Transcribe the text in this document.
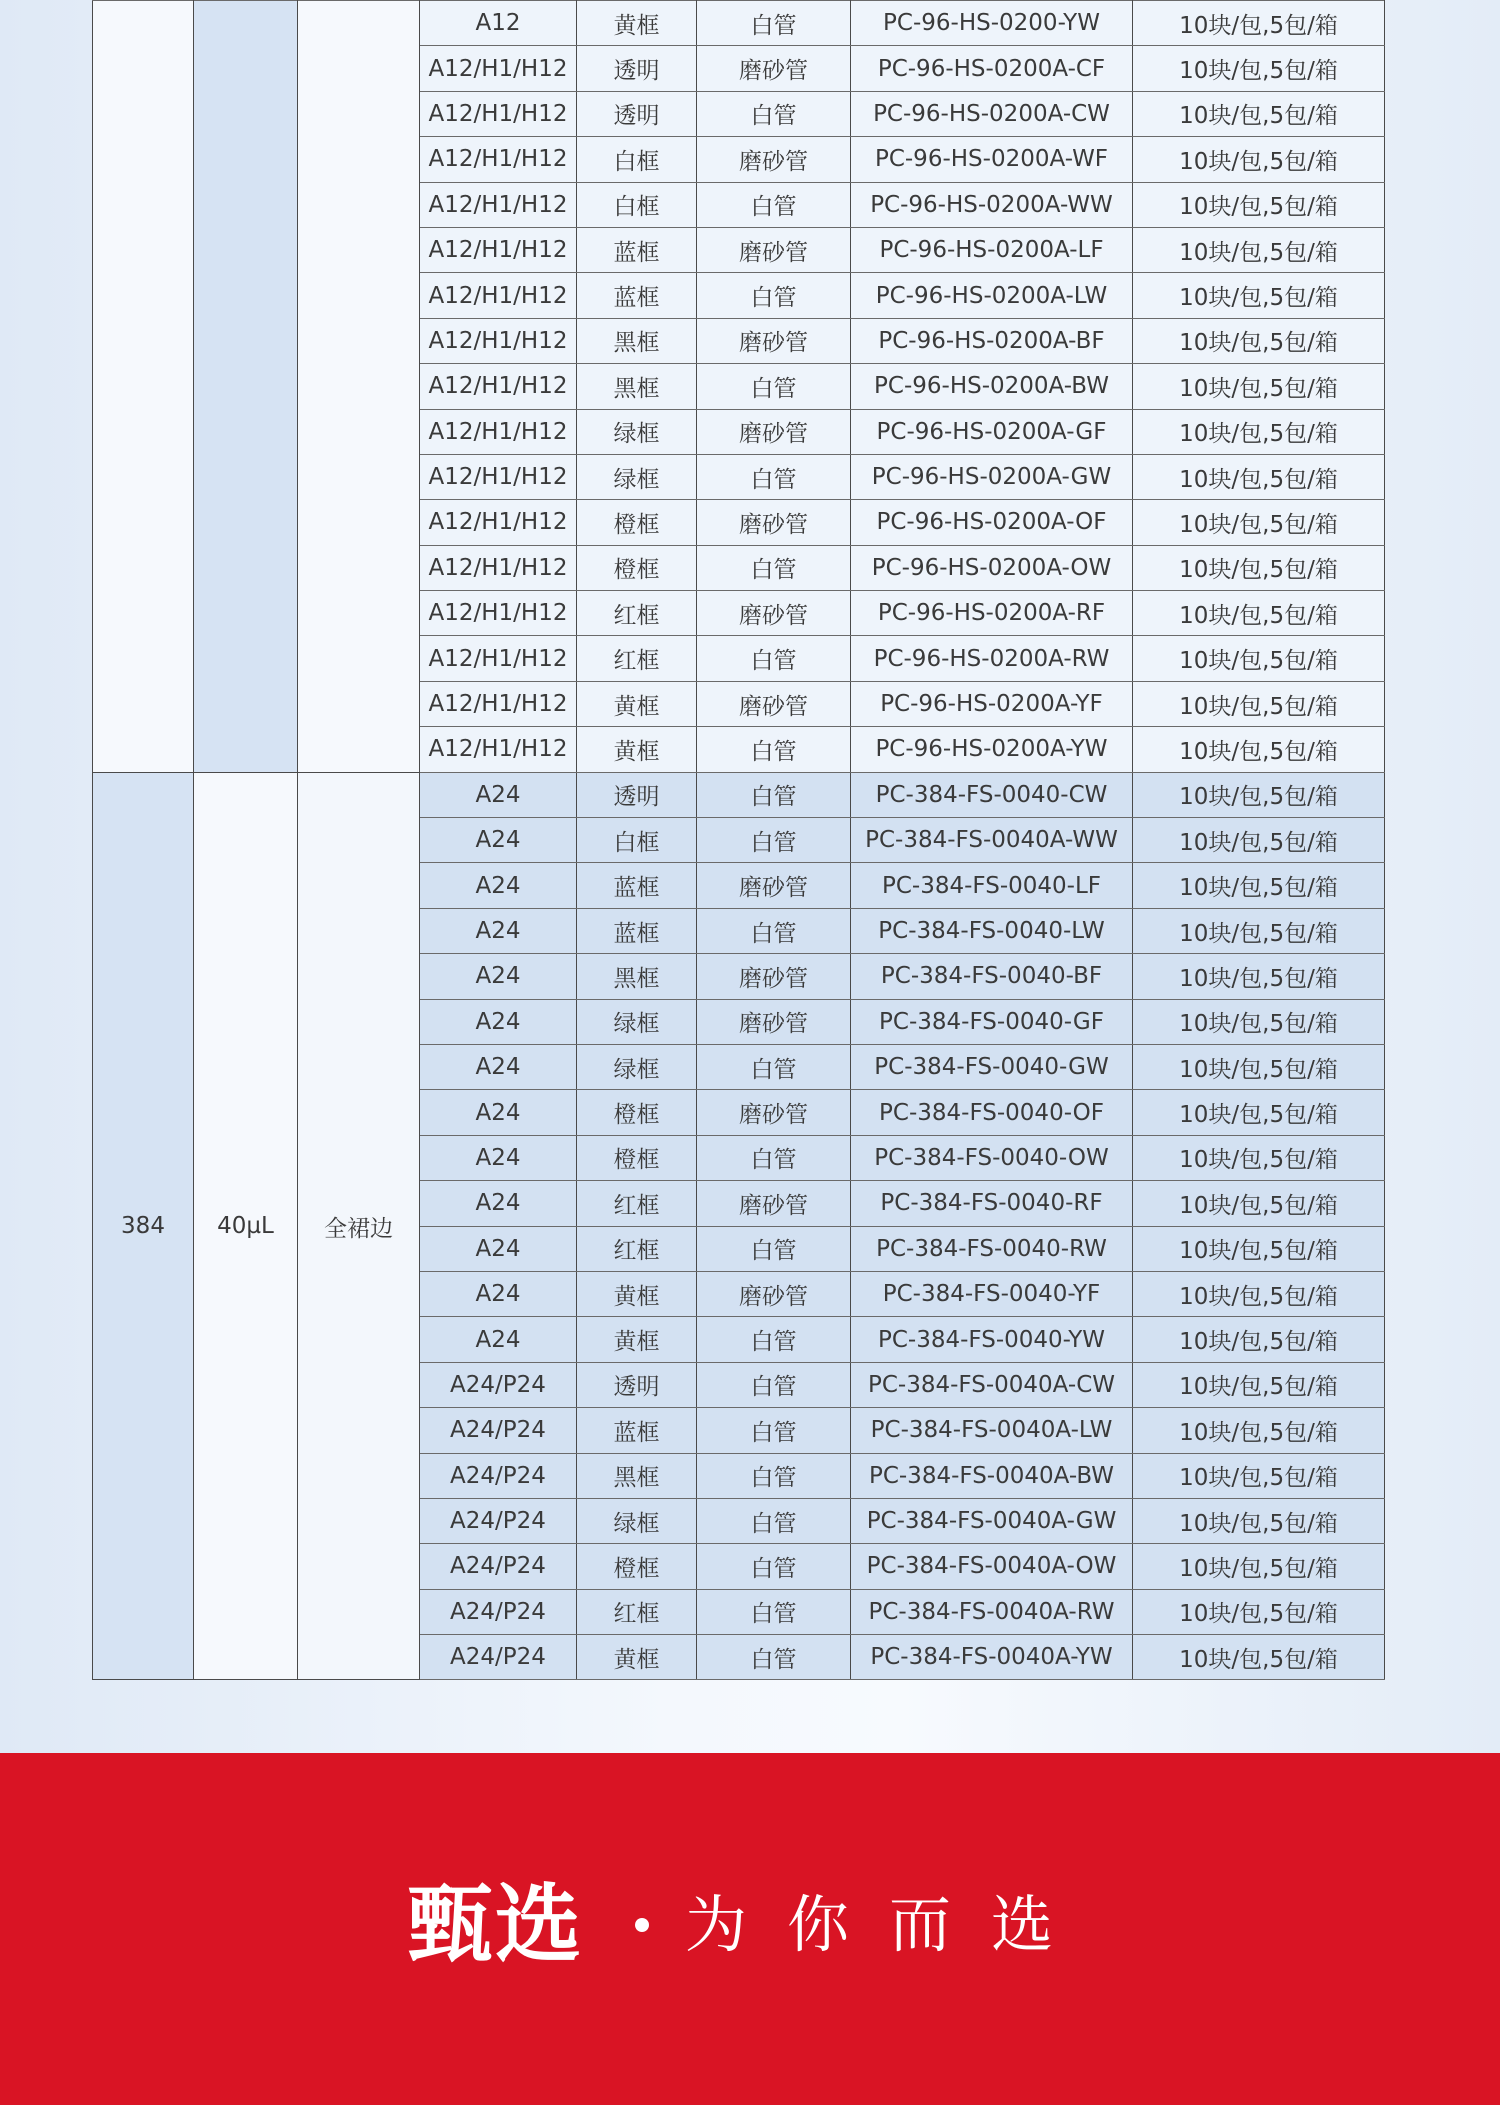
			A12	黄框	白管	PC-96-HS-0200-YW	10块/包,5包/箱
			A12/H1/H12	透明	磨砂管	PC-96-HS-0200A-CF	10块/包,5包/箱
			A12/H1/H12	透明	白管	PC-96-HS-0200A-CW	10块/包,5包/箱
			A12/H1/H12	白框	磨砂管	PC-96-HS-0200A-WF	10块/包,5包/箱
			A12/H1/H12	白框	白管	PC-96-HS-0200A-WW	10块/包,5包/箱
			A12/H1/H12	蓝框	磨砂管	PC-96-HS-0200A-LF	10块/包,5包/箱
			A12/H1/H12	蓝框	白管	PC-96-HS-0200A-LW	10块/包,5包/箱
			A12/H1/H12	黑框	磨砂管	PC-96-HS-0200A-BF	10块/包,5包/箱
			A12/H1/H12	黑框	白管	PC-96-HS-0200A-BW	10块/包,5包/箱
			A12/H1/H12	绿框	磨砂管	PC-96-HS-0200A-GF	10块/包,5包/箱
			A12/H1/H12	绿框	白管	PC-96-HS-0200A-GW	10块/包,5包/箱
			A12/H1/H12	橙框	磨砂管	PC-96-HS-0200A-OF	10块/包,5包/箱
			A12/H1/H12	橙框	白管	PC-96-HS-0200A-OW	10块/包,5包/箱
			A12/H1/H12	红框	磨砂管	PC-96-HS-0200A-RF	10块/包,5包/箱
			A12/H1/H12	红框	白管	PC-96-HS-0200A-RW	10块/包,5包/箱
			A12/H1/H12	黄框	磨砂管	PC-96-HS-0200A-YF	10块/包,5包/箱
			A12/H1/H12	黄框	白管	PC-96-HS-0200A-YW	10块/包,5包/箱
384	40µL	全裙边	A24	透明	白管	PC-384-FS-0040-CW	10块/包,5包/箱
			A24	白框	白管	PC-384-FS-0040A-WW	10块/包,5包/箱
			A24	蓝框	磨砂管	PC-384-FS-0040-LF	10块/包,5包/箱
			A24	蓝框	白管	PC-384-FS-0040-LW	10块/包,5包/箱
			A24	黑框	磨砂管	PC-384-FS-0040-BF	10块/包,5包/箱
			A24	绿框	磨砂管	PC-384-FS-0040-GF	10块/包,5包/箱
			A24	绿框	白管	PC-384-FS-0040-GW	10块/包,5包/箱
			A24	橙框	磨砂管	PC-384-FS-0040-OF	10块/包,5包/箱
			A24	橙框	白管	PC-384-FS-0040-OW	10块/包,5包/箱
			A24	红框	磨砂管	PC-384-FS-0040-RF	10块/包,5包/箱
			A24	红框	白管	PC-384-FS-0040-RW	10块/包,5包/箱
			A24	黄框	磨砂管	PC-384-FS-0040-YF	10块/包,5包/箱
			A24	黄框	白管	PC-384-FS-0040-YW	10块/包,5包/箱
			A24/P24	透明	白管	PC-384-FS-0040A-CW	10块/包,5包/箱
			A24/P24	蓝框	白管	PC-384-FS-0040A-LW	10块/包,5包/箱
			A24/P24	黑框	白管	PC-384-FS-0040A-BW	10块/包,5包/箱
			A24/P24	绿框	白管	PC-384-FS-0040A-GW	10块/包,5包/箱
			A24/P24	橙框	白管	PC-384-FS-0040A-OW	10块/包,5包/箱
			A24/P24	红框	白管	PC-384-FS-0040A-RW	10块/包,5包/箱
			A24/P24	黄框	白管	PC-384-FS-0040A-YW	10块/包,5包/箱
甄选 为你而选
